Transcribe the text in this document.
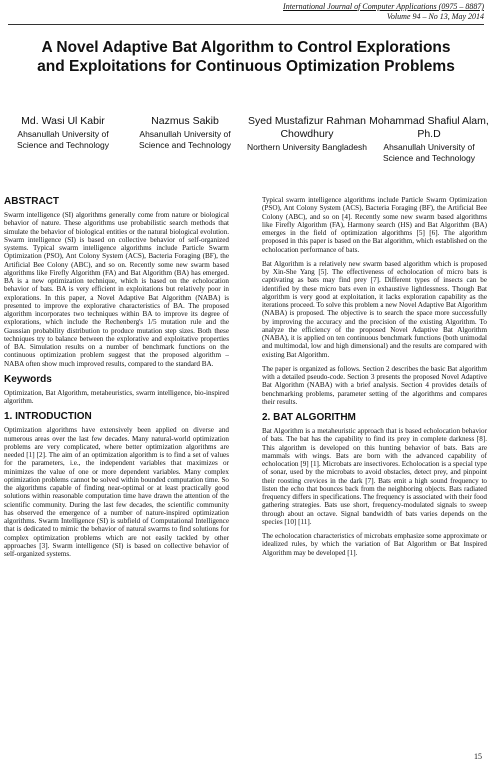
International Journal of Computer Applications (0975 – 8887)
Volume 94 – No 13, May 2014
A Novel Adaptive Bat Algorithm to Control Explorations
and Exploitations for Continuous Optimization Problems
Md. Wasi Ul Kabir
Ahsanullah University of Science and Technology
Nazmus Sakib
Ahsanullah University of Science and Technology
Syed Mustafizur Rahman Chowdhury
Northern University Bangladesh
Mohammad Shafiul Alam, Ph.D
Ahsanullah University of Science and Technology
ABSTRACT

Swarm intelligence (SI) algorithms generally come from nature or biological behavior of nature. These algorithms use probabilistic search methods that simulate the behavior of biological entities or the natural biological evolution. Swarm intelligence (SI) is based on collective behavior of self-organized systems. Typical swarm intelligence algorithms include Particle Swarm Optimization (PSO), Ant Colony System (ACS), Bacteria Foraging (BF), the Artificial Bee Colony (ABC), and so on. Recently some new swarm based algorithms like Firefly Algorithm (FA) and Bat Algorithm (BA) has emerged. BA is a new optimization technique, which is based on the echolocation behavior of bats. BA is very efficient in exploitations but relatively poor in explorations. In this paper, a Novel Adaptive Bat Algorithm (NABA) is presented to improve the explorative characteristics of BA. The proposed algorithm incorporates two techniques within BA to improve its degree of explorations, which include the Rechenberg's 1/5 mutation rule and the Gaussian probability distribution to produce mutation step sizes. Both these techniques try to balance between the explorative and exploitative properties of BA. Simulation results on a number of benchmark functions on the continuous optimization problem suggest that the proposed algorithm – NABA often show much improved results, compared to the standard BA.

Keywords

Optimization, Bat Algorithm, metaheuristics, swarm intelligence, bio-inspired algorithm.

1. INTRODUCTION

Optimization algorithms have extensively been applied on diverse and numerous areas over the last few decades. Many natural-world optimization problems are very complicated, where better optimization algorithms are needed [1] [2]. The aim of an optimization algorithm is to find a set of values for the parameters, i.e., the independent variables that maximizes or minimizes the value of one or more dependent variables. Many complex optimization problems cannot be solved within bounded computation time. So the algorithms capable of finding near-optimal or at least practically good solutions within reasonable computation time have drawn the attention of the scientific community. During the last few decades, the scientific community has observed the emergence of a number of nature-inspired optimization algorithms. Swarm Intelligence (SI) is subfield of Computational Intelligence that is dedicated to mimic the behavior of natural swarms to find solutions for complex optimization problems which are not easily tackled by other approaches [3]. Swarm intelligence (SI) is based on collective behavior of self-organized systems.

Typical swarm intelligence algorithms include Particle Swarm Optimization (PSO), Ant Colony System (ACS), Bacteria Foraging (BF), the Artificial Bee Colony (ABC), and so on [4]. Recently some new swarm based algorithms like Firefly Algorithm (FA), Harmony search (HS) and Bat Algorithm (BA) emerges in the field of optimization algorithms [5] [6]. The algorithm proposed in this paper is based on the Bat algorithm, which established on the echolocation performance of bats.

Bat Algorithm is a relatively new swarm based algorithm which is proposed by Xin-She Yang [5]. The effectiveness of echolocation of micro bats is captivating as bats may find prey [7]. Different types of insects can be identified by these micro bats even in exhaustive lightlessness. Though Bat algorithm is very good at exploitation, it lacks exploration capability as the iterations proceed. To solve this problem a new Novel Adaptive Bat Algorithm (NABA) is proposed. The objective is to search the space more successfully by improving the accuracy and the precision of the existing Algorithm. To analyze the efficiency of the proposed Novel Adaptive Bat Algorithm (NABA), it is applied on ten continuous benchmark functions (both unimodal and multimodal, low and high dimensional) and the results are compared with existing Bat Algorithm.

The paper is organized as follows. Section 2 describes the basic Bat algorithm with a detailed pseudo-code. Section 3 presents the proposed Novel Adaptive Bat Algorithm (NABA) with a brief analysis. Section 4 provides details of benchmarking problems, parameter setting of the algorithms and compares their results.

2. BAT ALGORITHM

Bat Algorithm is a metaheuristic approach that is based echolocation behavior of bats. The bat has the capability to find its prey in complete darkness [8]. This algorithm is developed on this hunting behavior of bats. Bats are mammals with wings. Bats are born with the advanced capability of echolocation [9] [1]. Microbats are insectivores. Echolocation is a special type of sonar, used by the microbats to avoid obstacles, detect prey, and pinpoint their roosting crevices in the dark [7]. Bats emit a high sound frequency to listen the echo that bounces back from the neighboring objects. Bats radiated frequency differs in specifications. The frequency is associated with their food gathering strategies. Bats use short, frequency-modulated signals to sweep through about an octave. Signal bandwidth of bats varies depends on the species [10] [11].

The echolocation characteristics of microbats emphasize some approximate or idealized rules, by which the variation of Bat Algorithm or Bat Inspired Algorithm may be developed [1].

15
